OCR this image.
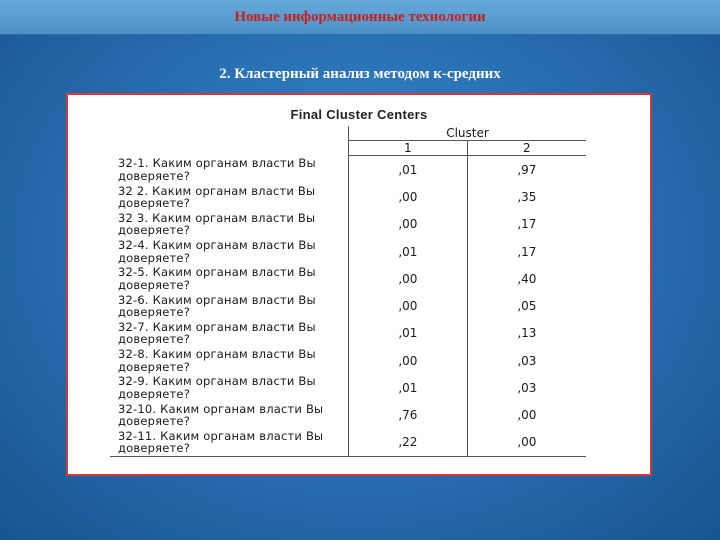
Новые информационные технологии
2. Кластерный анализ методом к-средних
Final Cluster Centers
	Cluster	
	1	2
32-1. Каким органам власти Вы доверяете?	,01	,97
32 2. Каким органам власти Вы доверяете?	,00	,35
32 3. Каким органам власти Вы доверяете?	,00	,17
32-4. Каким органам власти Вы доверяете?	,01	,17
32-5. Каким органам власти Вы доверяете?	,00	,40
32-6. Каким органам власти Вы доверяете?	,00	,05
32-7. Каким органам власти Вы доверяете?	,01	,13
32-8. Каким органам власти Вы доверяете?	,00	,03
32-9. Каким органам власти Вы доверяете?	,01	,03
32-10. Каким органам власти Вы доверяете?	,76	,00
32-11. Каким органам власти Вы доверяете?	,22	,00
